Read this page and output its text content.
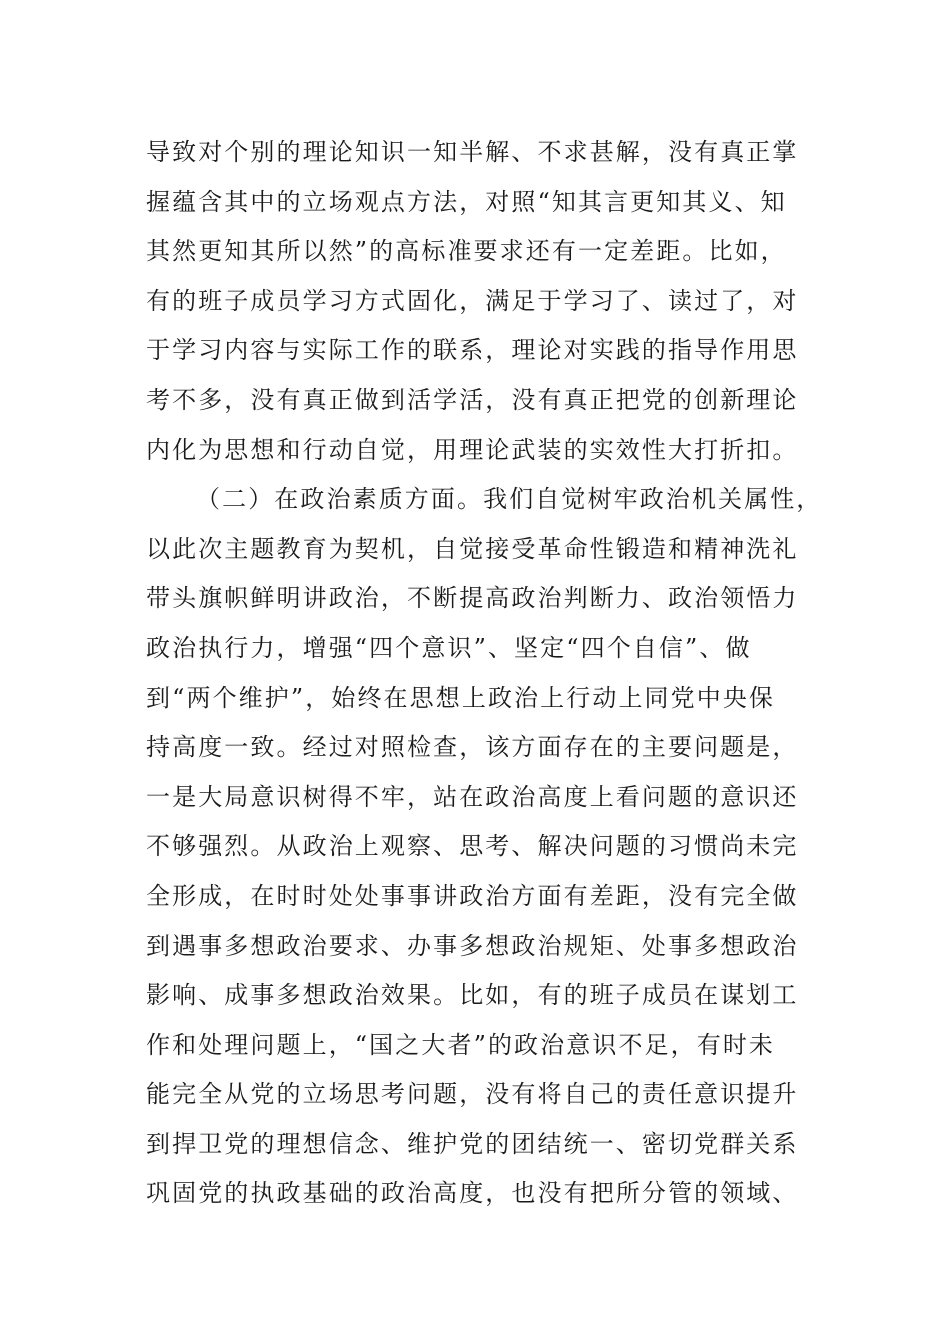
导致对个别的理论知识一知半解、不求甚解，没有真正掌
握蕴含其中的立场观点方法，对照“知其言更知其义、知
其然更知其所以然”的高标准要求还有一定差距。比如，
有的班子成员学习方式固化，满足于学习了、读过了，对
于学习内容与实际工作的联系，理论对实践的指导作用思
考不多，没有真正做到活学活，没有真正把党的创新理论
内化为思想和行动自觉，用理论武装的实效性大打折扣。
（二）在政治素质方面。我们自觉树牢政治机关属性，
以此次主题教育为契机，自觉接受革命性锻造和精神洗礼
带头旗帜鲜明讲政治，不断提高政治判断力、政治领悟力
政治执行力，增强“四个意识”、坚定“四个自信”、做
到“两个维护”，始终在思想上政治上行动上同党中央保
持高度一致。经过对照检查，该方面存在的主要问题是，
一是大局意识树得不牢，站在政治高度上看问题的意识还
不够强烈。从政治上观察、思考、解决问题的习惯尚未完
全形成，在时时处处事事讲政治方面有差距，没有完全做
到遇事多想政治要求、办事多想政治规矩、处事多想政治
影响、成事多想政治效果。比如，有的班子成员在谋划工
作和处理问题上，“国之大者”的政治意识不足，有时未
能完全从党的立场思考问题，没有将自己的责任意识提升
到捍卫党的理想信念、维护党的团结统一、密切党群关系
巩固党的执政基础的政治高度，也没有把所分管的领域、
